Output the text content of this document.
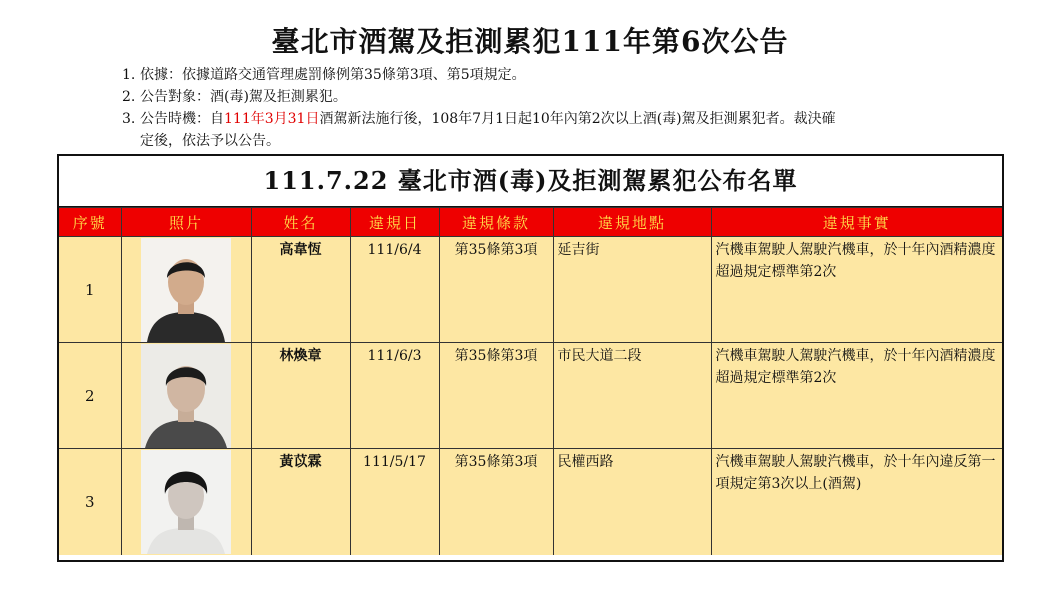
臺北市酒駕及拒測累犯111年第6次公告
1. 依據：依據道路交通管理處罰條例第35條第3項、第5項規定。
2. 公告對象：酒(毒)駕及拒測累犯。
3. 公告時機：自111年3月31日酒駕新法施行後，108年7月1日起10年內第2次以上酒(毒)駕及拒測累犯者。裁決確
定後，依法予以公告。
111.7.22 臺北市酒(毒)及拒測駕累犯公布名單
序號	照片	姓名	違規日	違規條款	違規地點	違規事實
1		高韋恆	111/6/4	第35條第3項	延吉街	汽機車駕駛人駕駛汽機車，於十年內酒精濃度超過規定標準第2次
2		林煥章	111/6/3	第35條第3項	市民大道二段	汽機車駕駛人駕駛汽機車，於十年內酒精濃度超過規定標準第2次
3		黃苡霖	111/5/17	第35條第3項	民權西路	汽機車駕駛人駕駛汽機車，於十年內違反第一項規定第3次以上(酒駕)
